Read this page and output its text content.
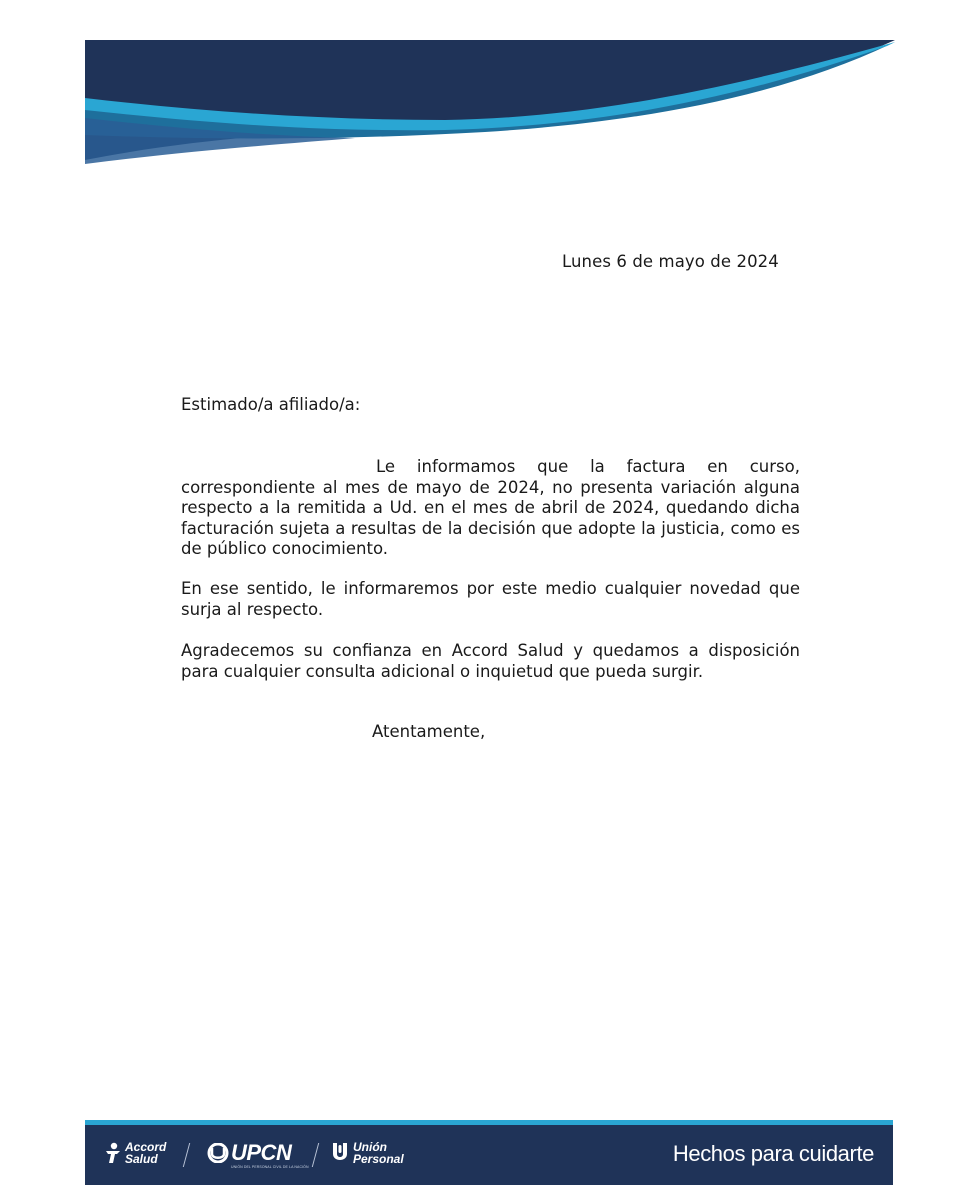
Lunes 6 de mayo de 2024
Estimado/a afiliado/a:

Le informamos que la factura en curso, correspondiente al mes de mayo de 2024, no presenta variación alguna respecto a la remitida a Ud. en el mes de abril de 2024, quedando dicha facturación sujeta a resultas de la decisión que adopte la justicia, como es de público conocimiento.

En ese sentido, le informaremos por este medio cualquier novedad que surja al respecto.

Agradecemos su confianza en Accord Salud y quedamos a disposición para cualquier consulta adicional o inquietud que pueda surgir.

Atentamente,
Accord
Salud	UPCN
UNIÓN DEL PERSONAL CIVIL DE LA NACIÓN
Unión
Personal	Hechos para cuidarte
